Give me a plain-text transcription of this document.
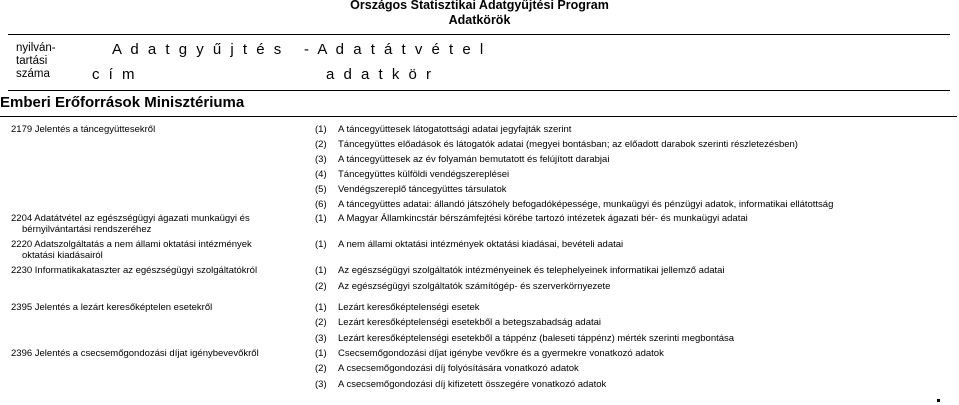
Országos Statisztikai Adatgyűjtési Program
Adatkörök
nyilván-
tartási
száma
A d a t g y ű j t é s
c í m
- A d a t á t v é t e l
a d a t k ö r
Emberi Erőforrások Minisztériuma
2179 Jelentés a táncegyüttesekről	(1) A táncegyüttesek látogatottsági adatai jegyfajták szerint
(2) Táncegyüttes előadások és látogatók adatai (megyei bontásban; az előadott darabok szerinti részletezésben)
(3) A táncegyüttesek az év folyamán bemutatott és felújított darabjai
(4) Táncegyüttes külföldi vendégszereplései
(5) Vendégszereplő táncegyüttes társulatok
(6) A táncegyüttes adatai: állandó játszóhely befogadóképessége, munkaügyi és pénzügyi adatok, informatikai ellátottság
2204 Adatátvétel az egészségügyi ágazati munkaügyi és
bérnyilvántartási rendszeréhez
(1) A Magyar Államkincstár bérszámfejtési körébe tartozó intézetek ágazati bér- és munkaügyi adatai
2220 Adatszolgáltatás a nem állami oktatási intézmények
oktatási kiadásairól
(1) A nem állami oktatási intézmények oktatási kiadásai, bevételi adatai
2230 Informatikakataszter az egészségügyi szolgáltatókról	(1) Az egészségügyi szolgáltatók intézményeinek és telephelyeinek informatikai jellemző adatai
(2) Az egészségügyi szolgáltatók számítógép- és szerverkörnyezete
2395 Jelentés a lezárt keresőképtelen esetekről	(1) Lezárt keresőképtelenségi esetek
(2) Lezárt keresőképtelenségi esetekből a betegszabadság adatai
(3) Lezárt keresőképtelenségi esetekből a táppénz (baleseti táppénz) mérték szerinti megbontása
2396 Jelentés a csecsemőgondozási díjat igénybevevőkről	(1) Csecsemőgondozási díjat igénybe vevőkre és a gyermekre vonatkozó adatok
(2) A csecsemőgondozási díj folyósítására vonatkozó adatok
(3) A csecsemőgondozási díj kifizetett összegére vonatkozó adatok
